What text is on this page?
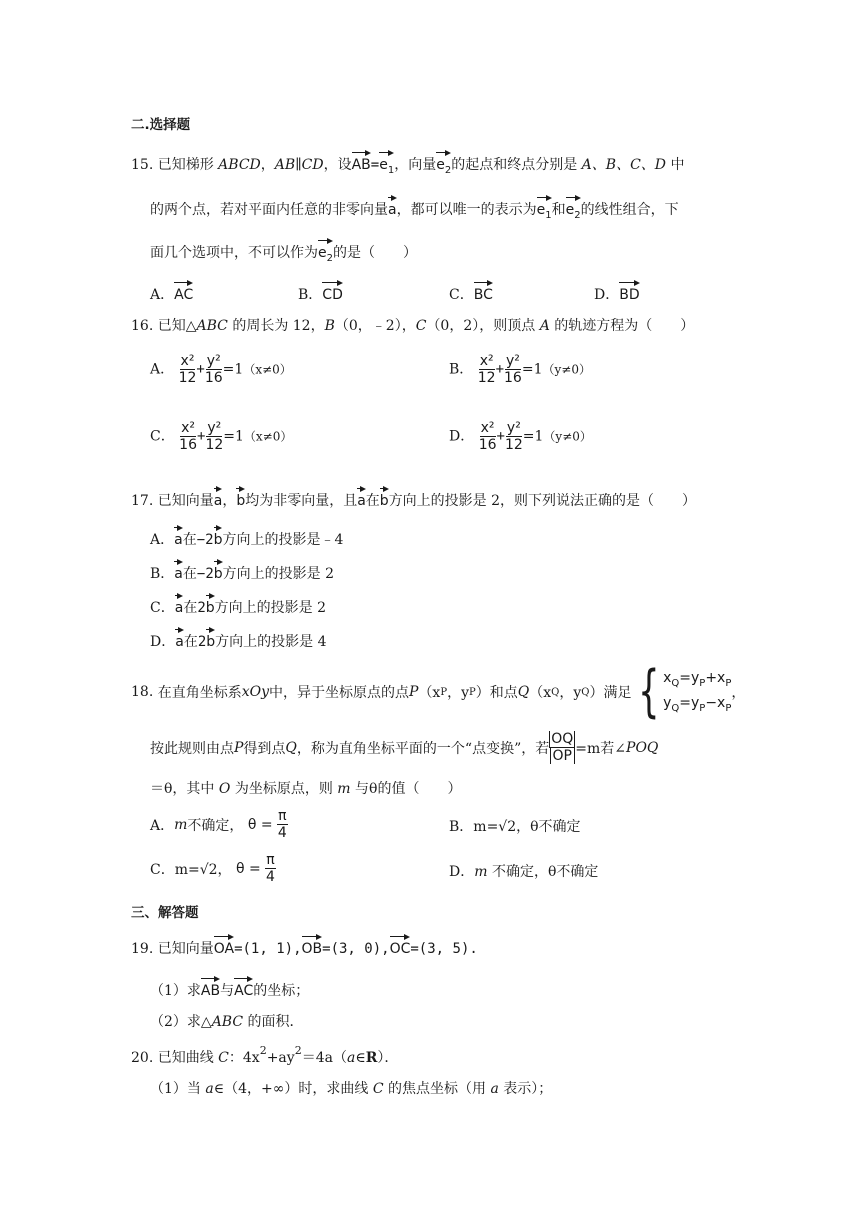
二.选择题
15. 已知梯形 ABCD，AB∥CD，设$AB=e_1$，向量$e_2$的起点和终点分别是 A、B、C、D 中
的两个点，若对平面内任意的非零向量a，都可以唯一的表示为$e_1$和$e_2$的线性组合，下
面几个选项中，不可以作为$e_2$的是（　　）
A．AC	B．CD	C．BC	D．BD
16. 已知△ABC 的周长为 12，B（0，﹣2），C（0，2），则顶点 A 的轨迹方程为（　　）
A． $\frac{\text{x²}}{12} + \frac{\text{y²}}{16} =1(x\ne 0)$	B． $\frac{\text{x²}}{12} + \frac{\text{y²}}{16} =1(y\ne 0)$
C． $\frac{\text{x²}}{16} + \frac{\text{y²}}{12} =1(x\ne 0)$	D． $\frac{\text{x²}}{16} + \frac{\text{y²}}{12} =1(y\ne 0)$
17. 已知向量a，b均为非零向量，且a在b方向上的投影是 2，则下列说法正确的是（　　）
A．a在−2b方向上的投影是﹣4
B．a在−2b方向上的投影是 2
C．a在2b方向上的投影是 2
D．a在2b方向上的投影是 4
18.
在直角坐标系 xOy 中，异于坐标原点的点 P （x P ，y P ）和点 Q （x Q ，y Q ）满足 { $x_Q=y_P+x_P$
$y_Q=y_P-x_P$
，
按此规则由点 P 得到点 Q ，称为直角坐标平面的一个“点变换”，若 $\frac{OQ}{OP} =m$若∠ POQ
＝θ，其中 O 为坐标原点，则 m 与θ的值（　　）
A． m 不确定，
θ =
$\frac{\pi}{4}$	B．m=√2，θ不确定
C． m=√2，
θ =
$\frac{\pi}{4}$	D．m 不确定，θ不确定
三、解答题
19. 已知向量OA=(1, 1),OB=(3, 0),OC=(3, 5).
（1）求AB与AC的坐标；
（2）求△ABC 的面积．
20. 已知曲线 C：$4x^2+ay^2=4a(a\in R)$．
（1）当 a∈（4，+∞）时，求曲线 C 的焦点坐标（用 a 表示）；
